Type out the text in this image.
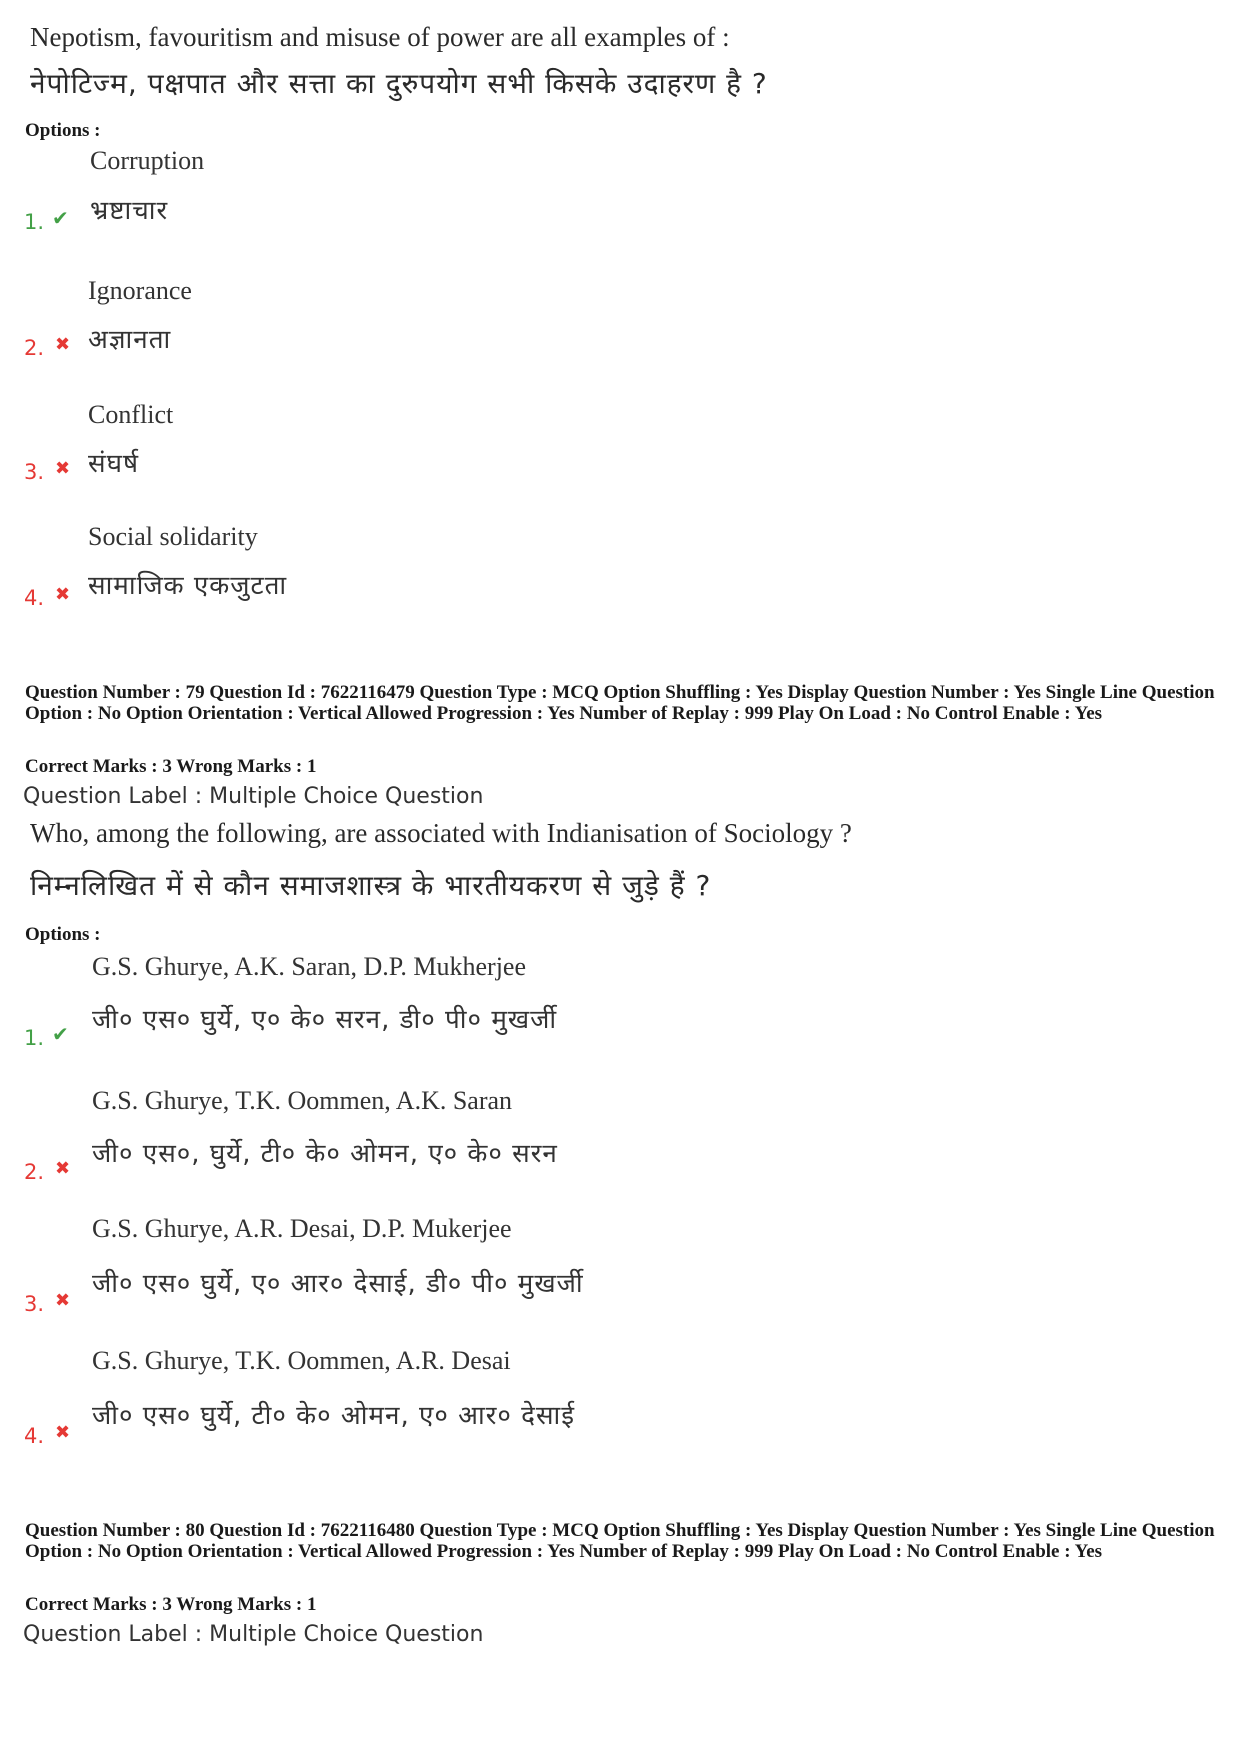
Nepotism, favouritism and misuse of power are all examples of :
नेपोटिज्म, पक्षपात और सत्ता का दुरुपयोग सभी किसके उदाहरण है ?
Options :
Corruption
1. ✔ भ्रष्टाचार
Ignorance
2. ✖ अज्ञानता
Conflict
3. ✖ संघर्ष
Social solidarity
4. ✖ सामाजिक एकजुटता
Question Number : 79 Question Id : 7622116479 Question Type : MCQ Option Shuffling : Yes Display Question Number : Yes Single Line Question Option : No Option Orientation : Vertical Allowed Progression : Yes Number of Replay : 999 Play On Load : No Control Enable : Yes
Correct Marks : 3 Wrong Marks : 1
Question Label : Multiple Choice Question
Who, among the following, are associated with Indianisation of Sociology ?
निम्नलिखित में से कौन समाजशास्त्र के भारतीयकरण से जुड़े हैं ?
Options :
G.S. Ghurye, A.K. Saran, D.P. Mukherjee
1. ✔ जी० एस० घुर्ये, ए० के० सरन, डी० पी० मुखर्जी
G.S. Ghurye, T.K. Oommen, A.K. Saran
2. ✖ जी० एस०, घुर्ये, टी० के० ओमन, ए० के० सरन
G.S. Ghurye, A.R. Desai, D.P. Mukerjee
3. ✖
जी० एस० घुर्ये, ए० आर० देसाई, डी० पी० मुखर्जी
G.S. Ghurye, T.K. Oommen, A.R. Desai
4. ✖
जी० एस० घुर्ये, टी० के० ओमन, ए० आर० देसाई
Question Number : 80 Question Id : 7622116480 Question Type : MCQ Option Shuffling : Yes Display Question Number : Yes Single Line Question Option : No Option Orientation : Vertical Allowed Progression : Yes Number of Replay : 999 Play On Load : No Control Enable : Yes
Correct Marks : 3 Wrong Marks : 1
Question Label : Multiple Choice Question
